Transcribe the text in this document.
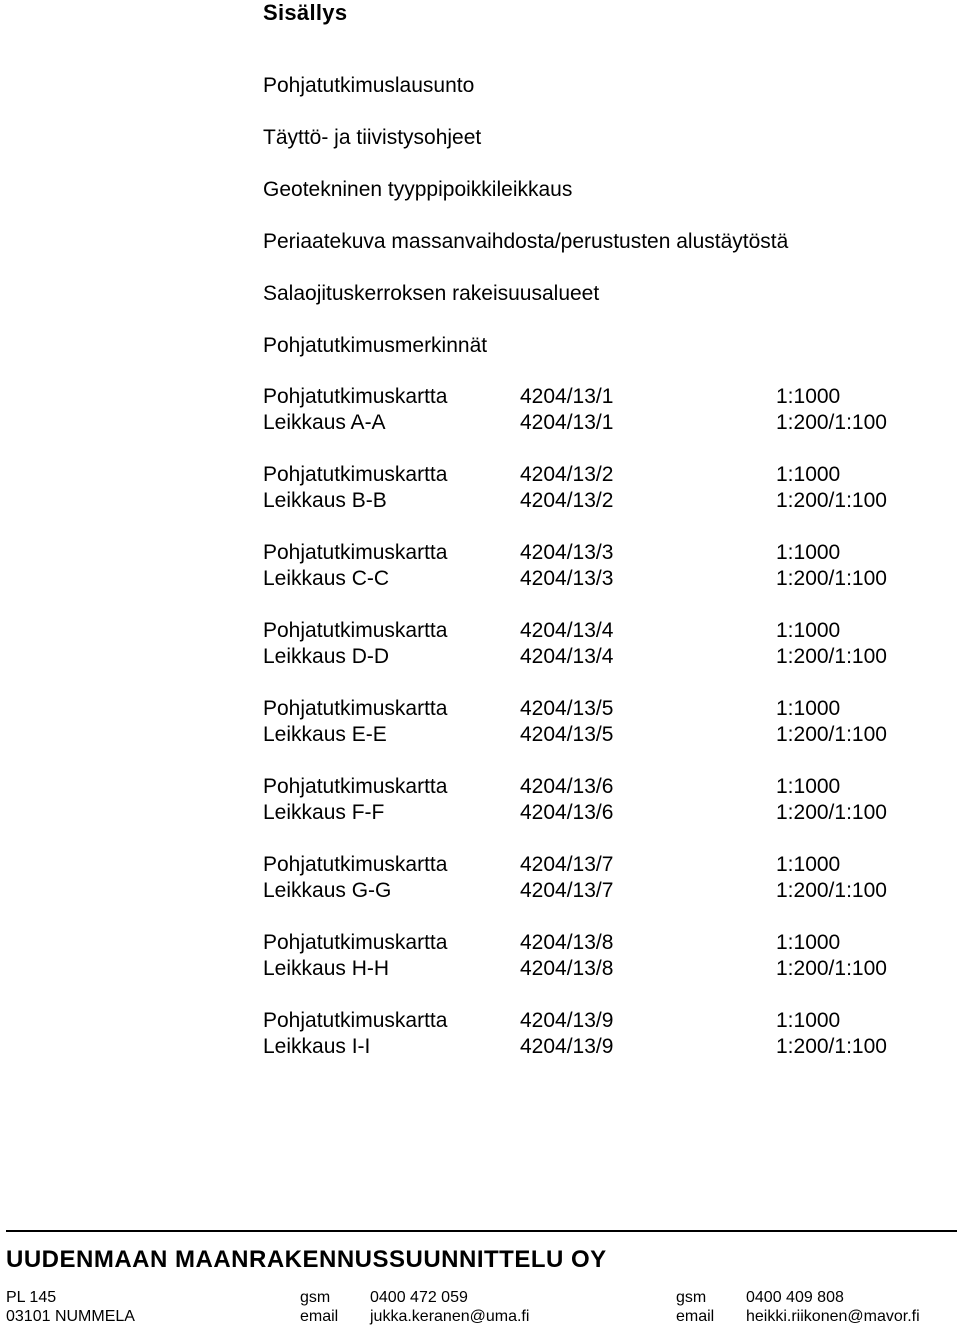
Sisällys
Pohjatutkimuslausunto
Täyttö- ja tiivistysohjeet
Geotekninen tyyppipoikkileikkaus
Periaatekuva massanvaihdosta/perustusten alustäytöstä
Salaojituskerroksen rakeisuusalueet
Pohjatutkimusmerkinnät
Pohjatutkimuskartta	4204/13/1	1:1000
Leikkaus A-A	4204/13/1	1:200/1:100
Pohjatutkimuskartta	4204/13/2	1:1000
Leikkaus B-B	4204/13/2	1:200/1:100
Pohjatutkimuskartta	4204/13/3	1:1000
Leikkaus C-C	4204/13/3	1:200/1:100
Pohjatutkimuskartta	4204/13/4	1:1000
Leikkaus D-D	4204/13/4	1:200/1:100
Pohjatutkimuskartta	4204/13/5	1:1000
Leikkaus E-E	4204/13/5	1:200/1:100
Pohjatutkimuskartta	4204/13/6	1:1000
Leikkaus F-F	4204/13/6	1:200/1:100
Pohjatutkimuskartta	4204/13/7	1:1000
Leikkaus G-G	4204/13/7	1:200/1:100
Pohjatutkimuskartta	4204/13/8	1:1000
Leikkaus H-H	4204/13/8	1:200/1:100
Pohjatutkimuskartta	4204/13/9	1:1000
Leikkaus I-I	4204/13/9	1:200/1:100
UUDENMAAN MAANRAKENNUSSUUNNITTELU OY
PL 145
03101 NUMMELA
gsm 0400 472 059
email jukka.keranen@uma.fi
gsm 0400 409 808
email heikki.riikonen@mavor.fi
